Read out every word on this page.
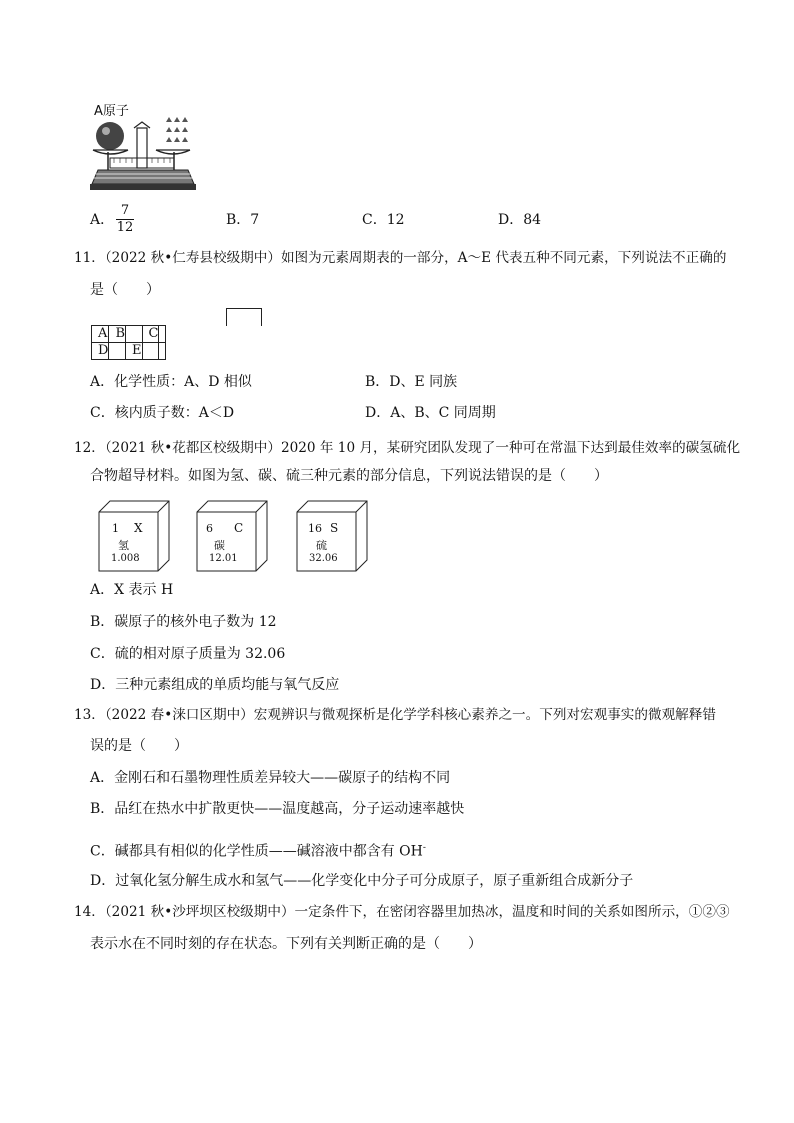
A原子
A．
7
12	B．7	C．12	D．84
11．（2022 秋•仁寿县校级期中）如图为元素周期表的一部分，A～E 代表五种不同元素，下列说法不正确的
是（　　）
A	B		C	
D		E		
A．化学性质：A、D 相似	B．D、E 同族
C．核内质子数：A＜D	D．A、B、C 同周期
12．（2021 秋•花都区校级期中）2020 年 10 月，某研究团队发现了一种可在常温下达到最佳效率的碳氢硫化
合物超导材料。如图为氢、碳、硫三种元素的部分信息，下列说法错误的是（　　）
1 X
氢
1.008
6 C
碳
12.01
16 S
硫
32.06
A．X 表示 H
B．碳原子的核外电子数为 12
C．硫的相对原子质量为 32.06
D．三种元素组成的单质均能与氧气反应
13．（2022 春•涞口区期中）宏观辨识与微观探析是化学学科核心素养之一。下列对宏观事实的微观解释错
误的是（　　）
A．金刚石和石墨物理性质差异较大——碳原子的结构不同
B．品红在热水中扩散更快——温度越高，分子运动速率越快
C．碱都具有相似的化学性质——碱溶液中都含有 OH-
D．过氧化氢分解生成水和氢气——化学变化中分子可分成原子，原子重新组合成新分子
14．（2021 秋•沙坪坝区校级期中）一定条件下，在密闭容器里加热冰，温度和时间的关系如图所示，①②③
表示水在不同时刻的存在状态。下列有关判断正确的是（　　）
